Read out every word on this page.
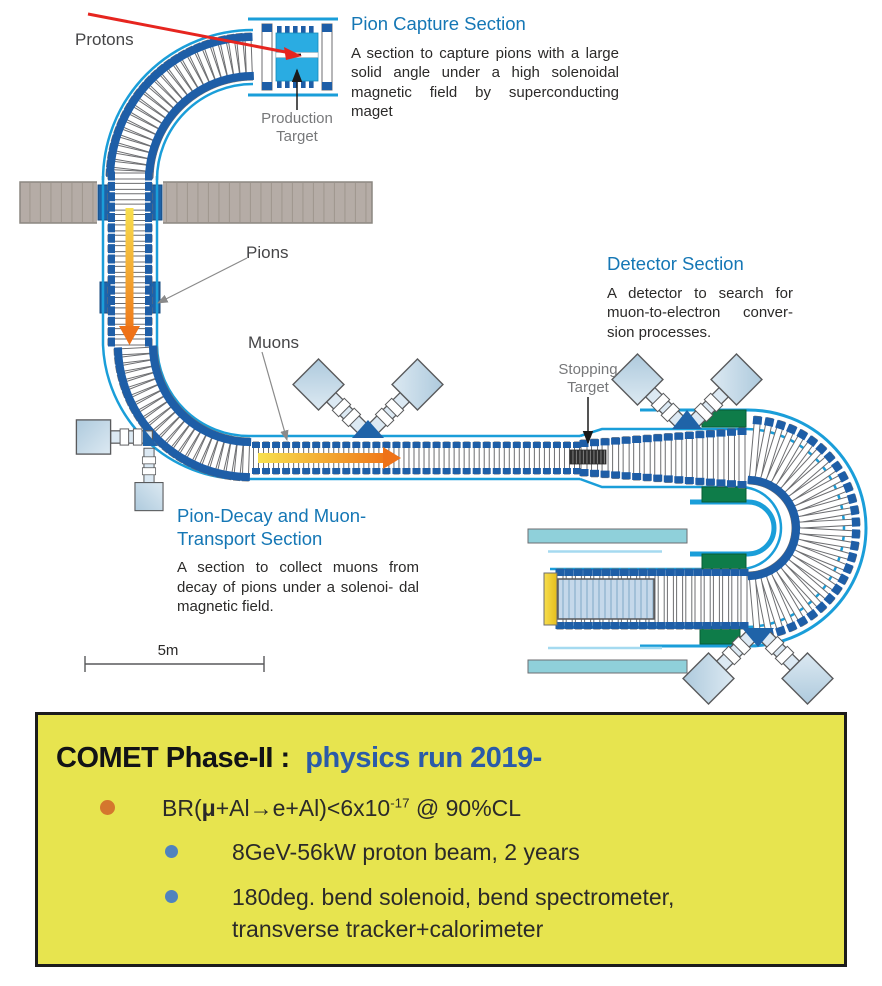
5m
Protons
Pions
Muons
Production
Target
Stopping
Target
Pion Capture Section

A section to capture pions with a large solid angle under a high solenoidal magnetic field by superconducting maget

Detector Section

A detector to search for muon-to-electron conver- sion processes.

Pion-Decay and Muon-Transport Section

A section to collect muons from decay of pions under a solenoi- dal magnetic field.

COMET Phase-II : physics run 2019-
$BR(\mu+Al\to e+Al)<6x10^{-17}$ @ 90%CL
8GeV-56kW proton beam, 2 years
180deg. bend solenoid, bend spectrometer, transverse tracker+calorimeter
